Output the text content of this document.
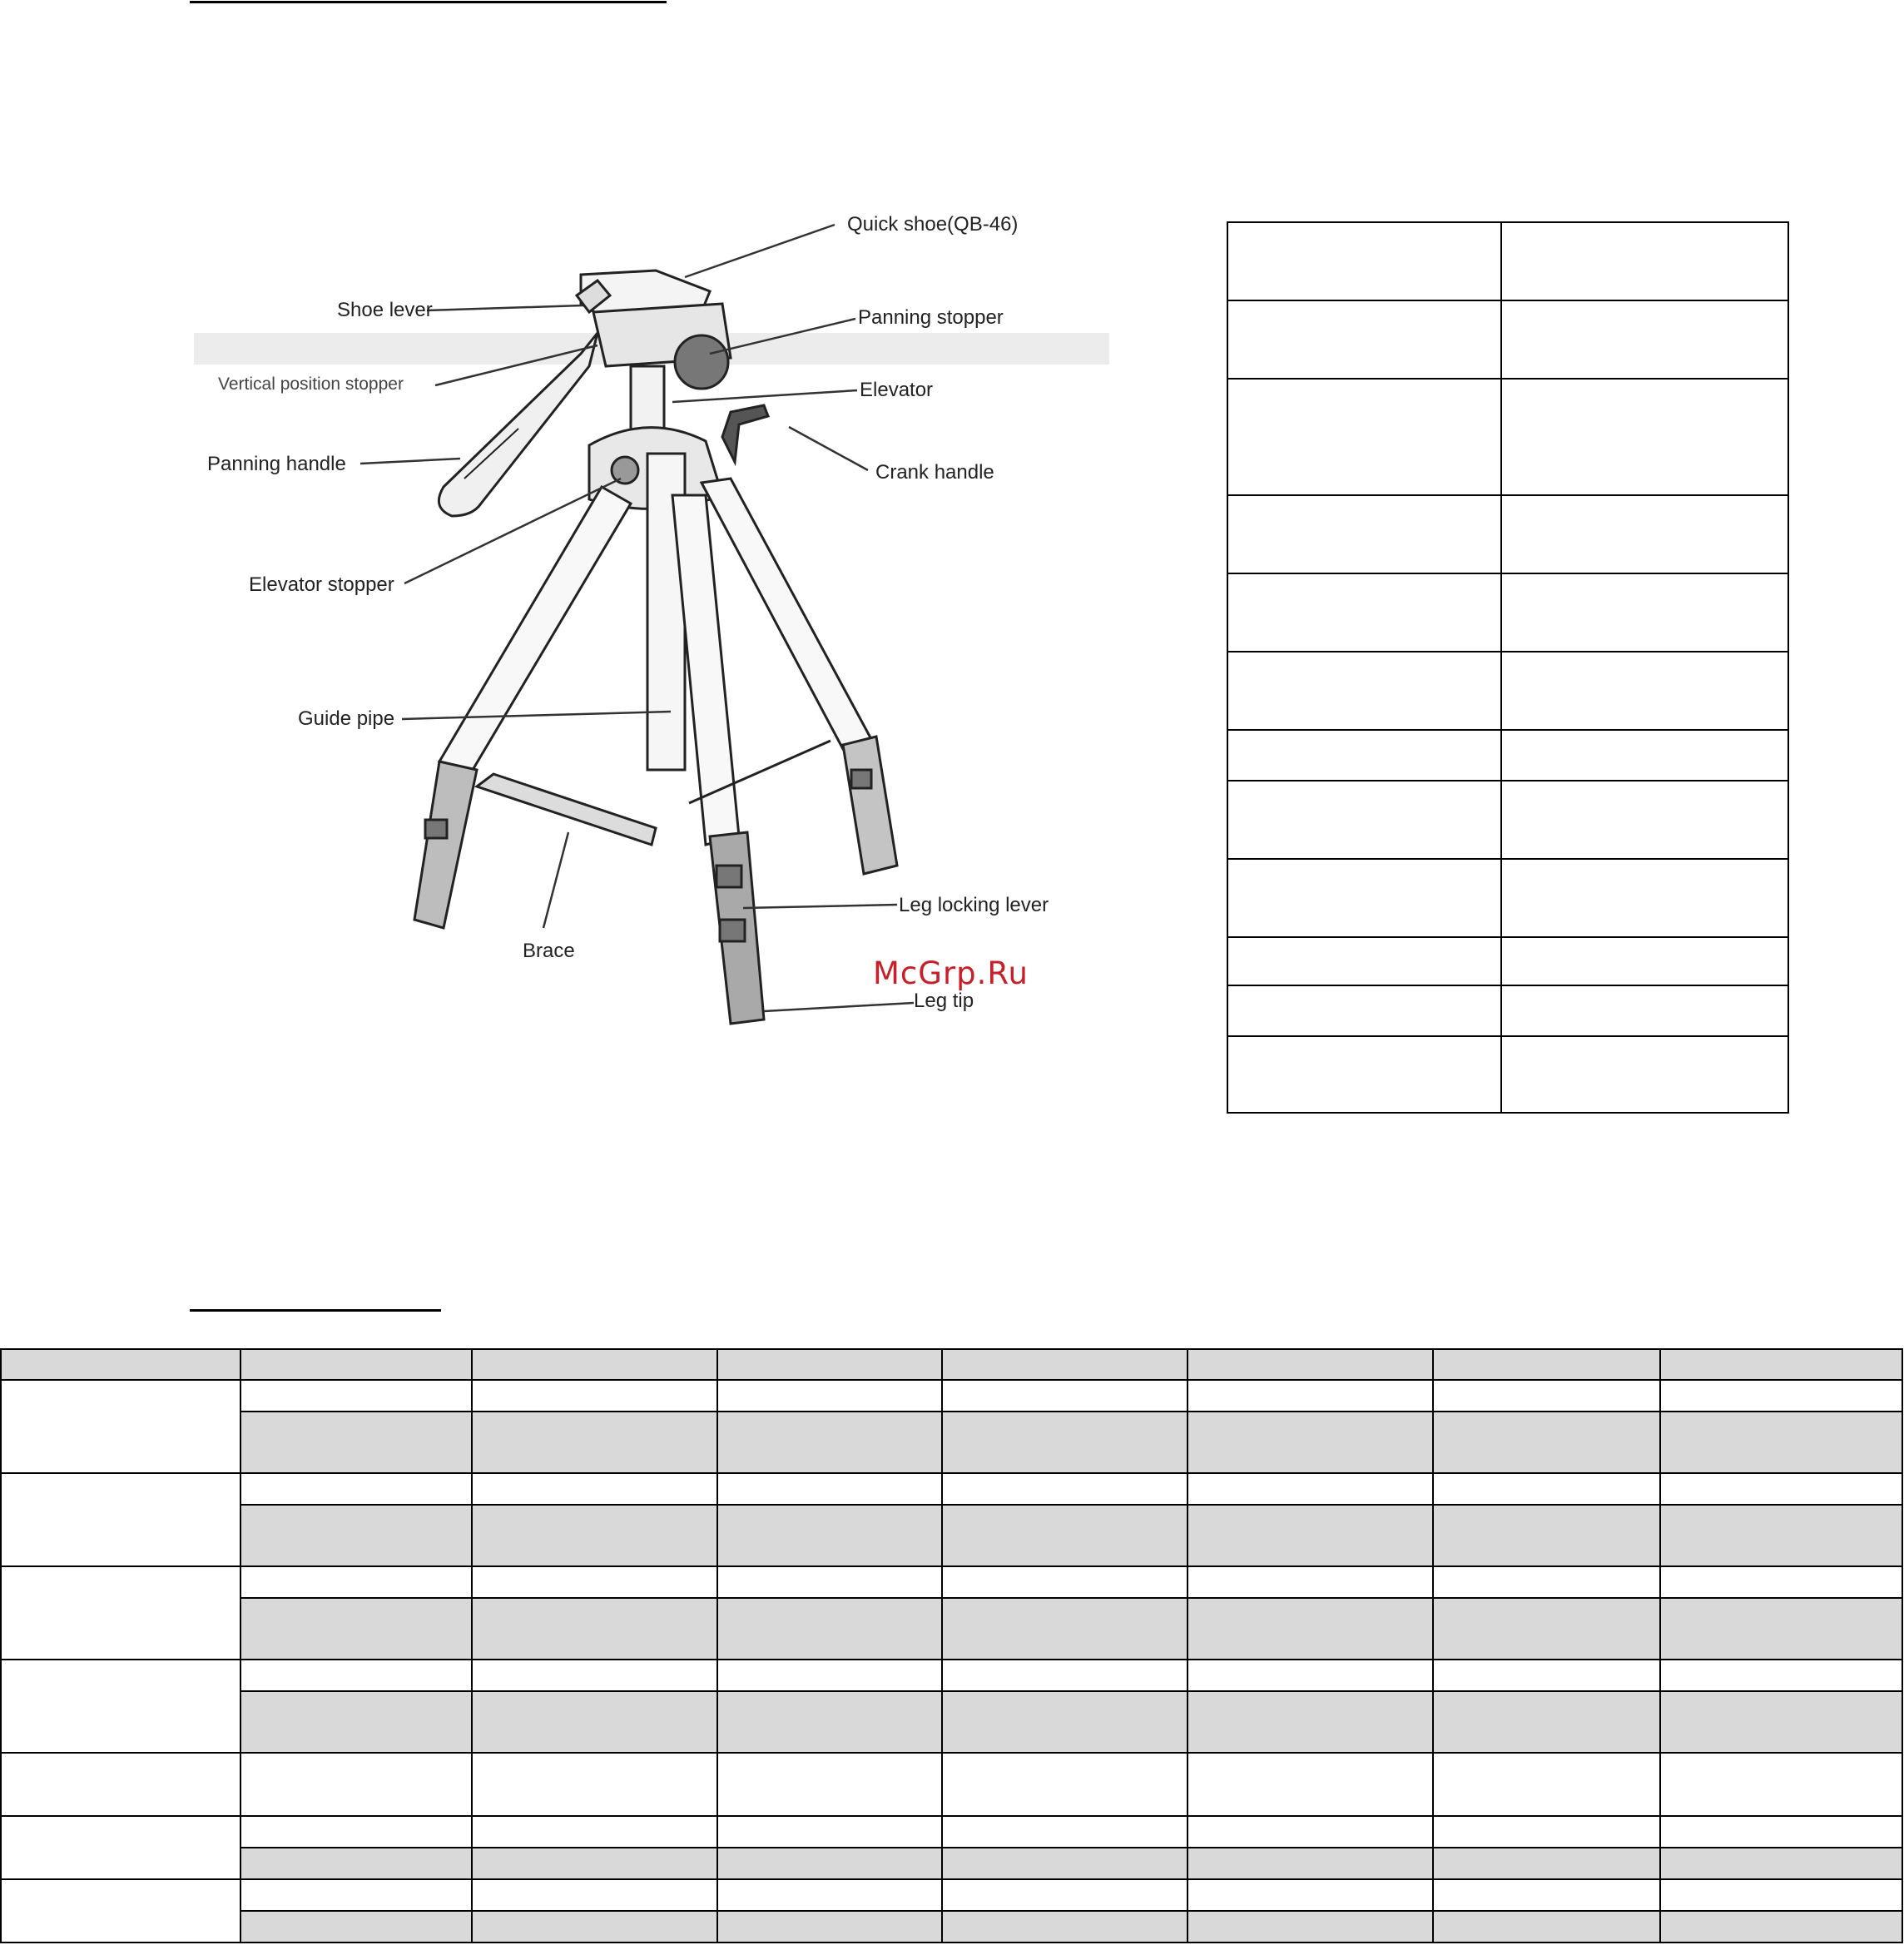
Quick shoe(QB-46)
Shoe lever	Panning stopper
Vertical position stopper	Elevator
Panning handle	Crank handle
Elevator stopper
Guide pipe
Brace
Leg locking lever
Leg tip
McGrp.Ru
